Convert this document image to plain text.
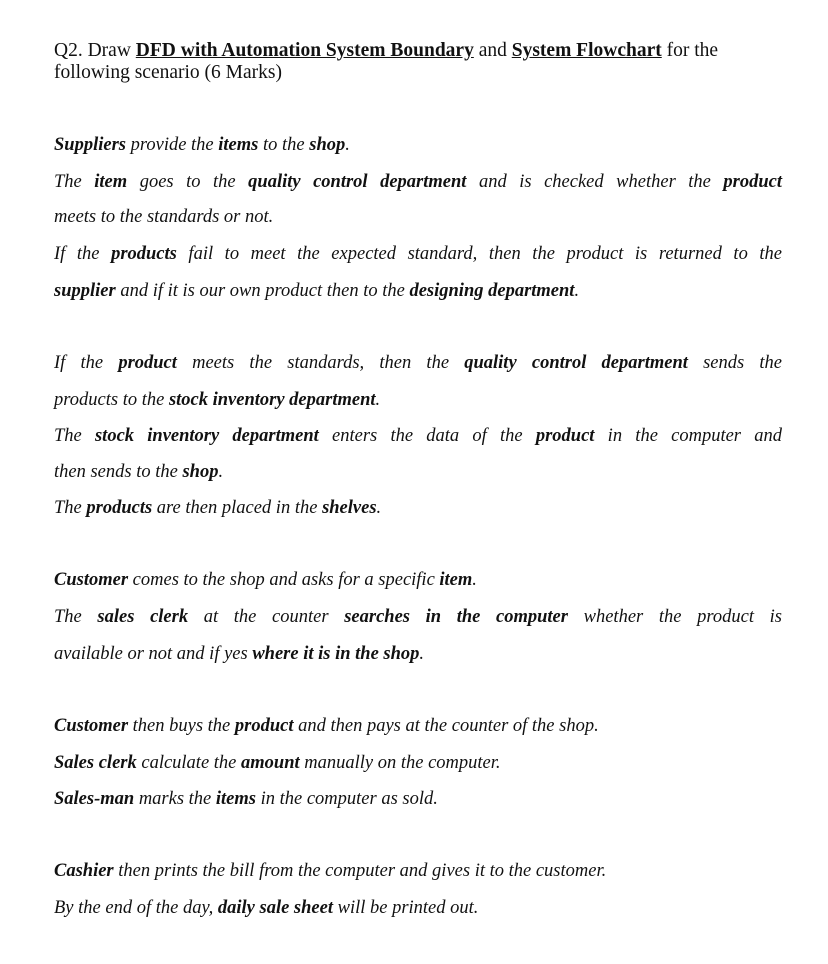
Q2. Draw DFD with Automation System Boundary and System Flowchart for the following scenario (6 Marks)
Suppliers provide the items to the shop.
The item goes to the quality control department and is checked whether the product
meets to the standards or not.
If the products fail to meet the expected standard, then the product is returned to the
supplier and if it is our own product then to the designing department.
If the product meets the standards, then the quality control department sends the
products to the stock inventory department.
The stock inventory department enters the data of the product in the computer and
then sends to the shop.
The products are then placed in the shelves.
Customer comes to the shop and asks for a specific item.
The sales clerk at the counter searches in the computer whether the product is
available or not and if yes where it is in the shop.
Customer then buys the product and then pays at the counter of the shop.
Sales clerk calculate the amount manually on the computer.
Sales-man marks the items in the computer as sold.
Cashier then prints the bill from the computer and gives it to the customer.
By the end of the day, daily sale sheet will be printed out.
